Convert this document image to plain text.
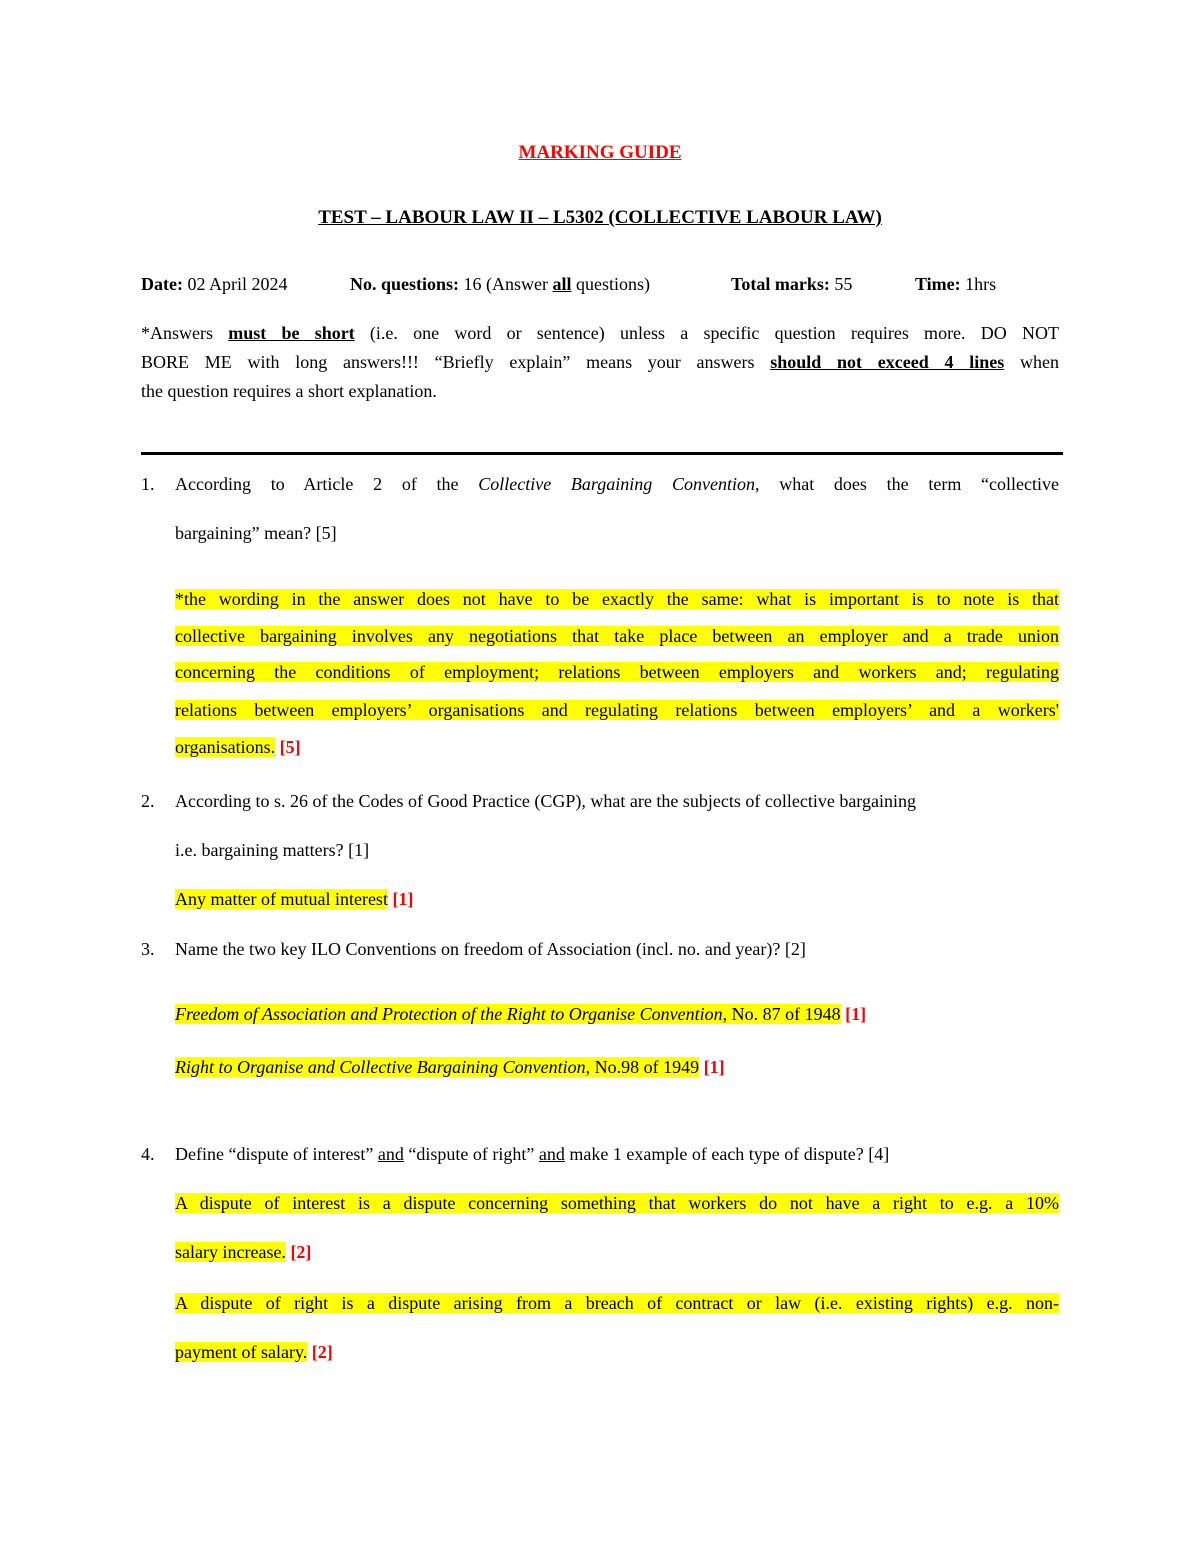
MARKING GUIDE
TEST – LABOUR LAW II – L5302 (COLLECTIVE LABOUR LAW)
Date: 02 April 2024	No. questions: 16 (Answer all questions)	Total marks: 55	Time: 1hrs
*Answers must be short (i.e. one word or sentence) unless a specific question requires more. DO NOT
BORE ME with long answers!!! “Briefly explain” means your answers should not exceed 4 lines when
the question requires a short explanation.
1. According to Article 2 of the Collective Bargaining Convention, what does the term “collective
bargaining” mean? [5]
*the wording in the answer does not have to be exactly the same: what is important is to note is that
collective bargaining involves any negotiations that take place between an employer and a trade union
concerning the conditions of employment; relations between employers and workers and; regulating
relations between employers’ organisations and regulating relations between employers’ and a workers'
organisations. [5]
2. According to s. 26 of the Codes of Good Practice (CGP), what are the subjects of collective bargaining
i.e. bargaining matters? [1]
Any matter of mutual interest [1]
3. Name the two key ILO Conventions on freedom of Association (incl. no. and year)? [2]
Freedom of Association and Protection of the Right to Organise Convention, No. 87 of 1948 [1]
Right to Organise and Collective Bargaining Convention, No.98 of 1949 [1]
4. Define “dispute of interest” and “dispute of right” and make 1 example of each type of dispute? [4]
A dispute of interest is a dispute concerning something that workers do not have a right to e.g. a 10%
salary increase. [2]
A dispute of right is a dispute arising from a breach of contract or law (i.e. existing rights) e.g. non-
payment of salary. [2]
